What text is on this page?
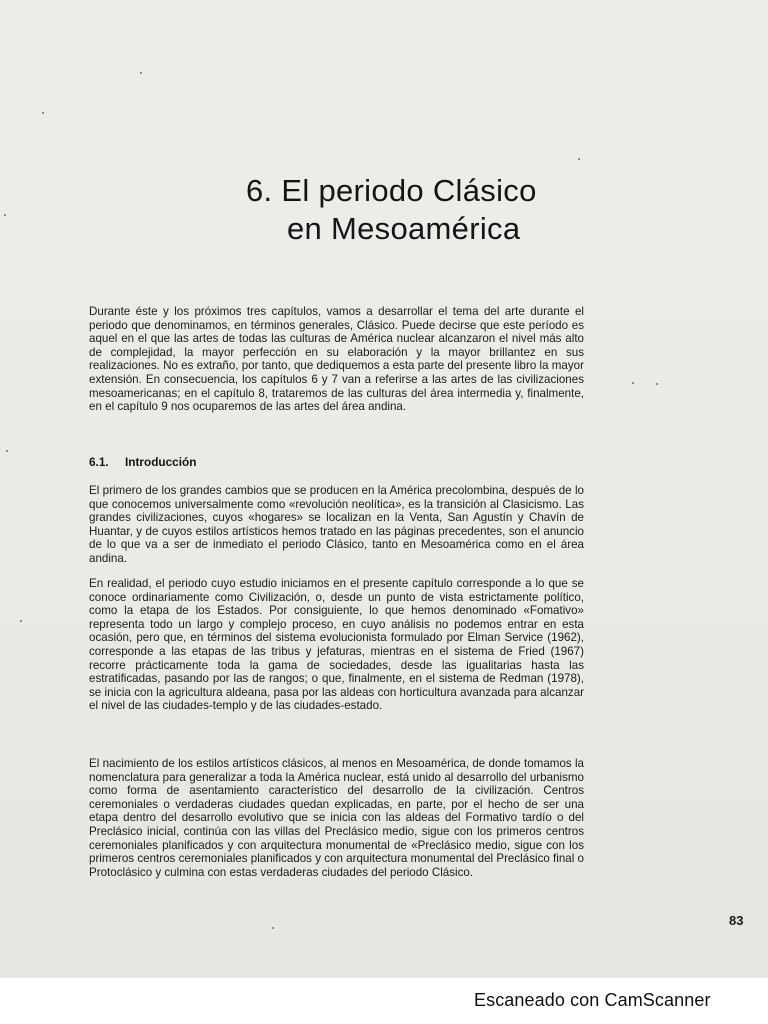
6. El periodo Clásico
en Mesoamérica

Durante éste y los próximos tres capítulos, vamos a desarrollar el tema del arte durante el periodo que denominamos, en términos generales, Clásico. Puede decirse que este período es aquel en el que las artes de todas las culturas de América nuclear alcanzaron el nivel más alto de complejidad, la mayor perfección en su elaboración y la mayor brillantez en sus realizaciones. No es extraño, por tanto, que dediquemos a esta parte del presente libro la mayor extensión. En consecuencia, los capítulos 6 y 7 van a referirse a las artes de las civilizaciones mesoamericanas; en el capítulo 8, trataremos de las culturas del área intermedia y, finalmente, en el capítulo 9 nos ocuparemos de las artes del área andina.

6.1. Introducción

El primero de los grandes cambios que se producen en la América precolombina, después de lo que conocemos universalmente como «revolución neolítica», es la transición al Clasicismo. Las grandes civilizaciones, cuyos «hogares» se localizan en la Venta, San Agustín y Chavín de Huantar, y de cuyos estilos artísticos hemos tratado en las páginas precedentes, son el anuncio de lo que va a ser de inmediato el periodo Clásico, tanto en Mesoamérica como en el área andina.

En realidad, el periodo cuyo estudio iniciamos en el presente capítulo corresponde a lo que se conoce ordinariamente como Civilización, o, desde un punto de vista estrictamente político, como la etapa de los Estados. Por consiguiente, lo que hemos denominado «Fomativo» representa todo un largo y complejo proceso, en cuyo análisis no podemos entrar en esta ocasión, pero que, en términos del sistema evolucionista formulado por Elman Service (1962), corresponde a las etapas de las tribus y jefaturas, mientras en el sistema de Fried (1967) recorre prácticamente toda la gama de sociedades, desde las igualitarias hasta las estratificadas, pasando por las de rangos; o que, finalmente, en el sistema de Redman (1978), se inicia con la agricultura aldeana, pasa por las aldeas con horticultura avanzada para alcanzar el nivel de las ciudades-templo y de las ciudades-estado.

El nacimiento de los estilos artísticos clásicos, al menos en Mesoamérica, de donde tomamos la nomenclatura para generalizar a toda la América nuclear, está unido al desarrollo del urbanismo como forma de asentamiento característico del desarrollo de la civilización. Centros ceremoniales o verdaderas ciudades quedan explicadas, en parte, por el hecho de ser una etapa dentro del desarrollo evolutivo que se inicia con las aldeas del Formativo tardío o del Preclásico inicial, continúa con las villas del Preclásico medio, sigue con los primeros centros ceremoniales planificados y con arquitectura monumental de «Preclásico medio, sigue con los primeros centros ceremoniales planificados y con arquitectura monumental del Preclásico final o Protoclásico y culmina con estas verdaderas ciudades del periodo Clásico.

83
Escaneado con CamScanner
